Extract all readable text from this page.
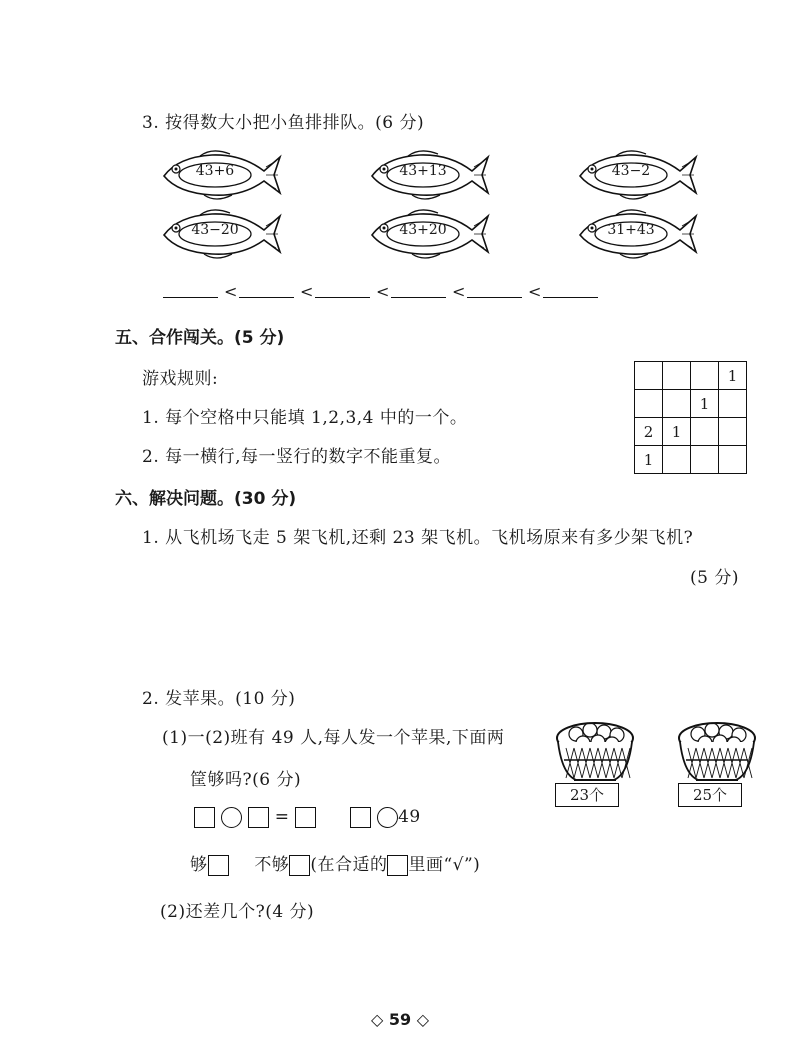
3. 按得数大小把小鱼排排队。(6 分)
43+6	43+13	43−2
43−20	43+20	31+43
<	<	<	<	<
五、合作闯关。(5 分)
游戏规则:
1. 每个空格中只能填 1,2,3,4 中的一个。
2. 每一横行,每一竖行的数字不能重复。
			1
		1	
2	1		
1			
六、解决问题。(30 分)
1. 从飞机场飞走 5 架飞机,还剩 23 架飞机。飞机场原来有多少架飞机?
(5 分)
2. 发苹果。(10 分)
(1)一(2)班有 49 人,每人发一个苹果,下面两
筐够吗?(6 分)
=	49
够	不够 (在合适的 里画“√”)
(2)还差几个?(4 分)
23个	25个
◇ 59 ◇
